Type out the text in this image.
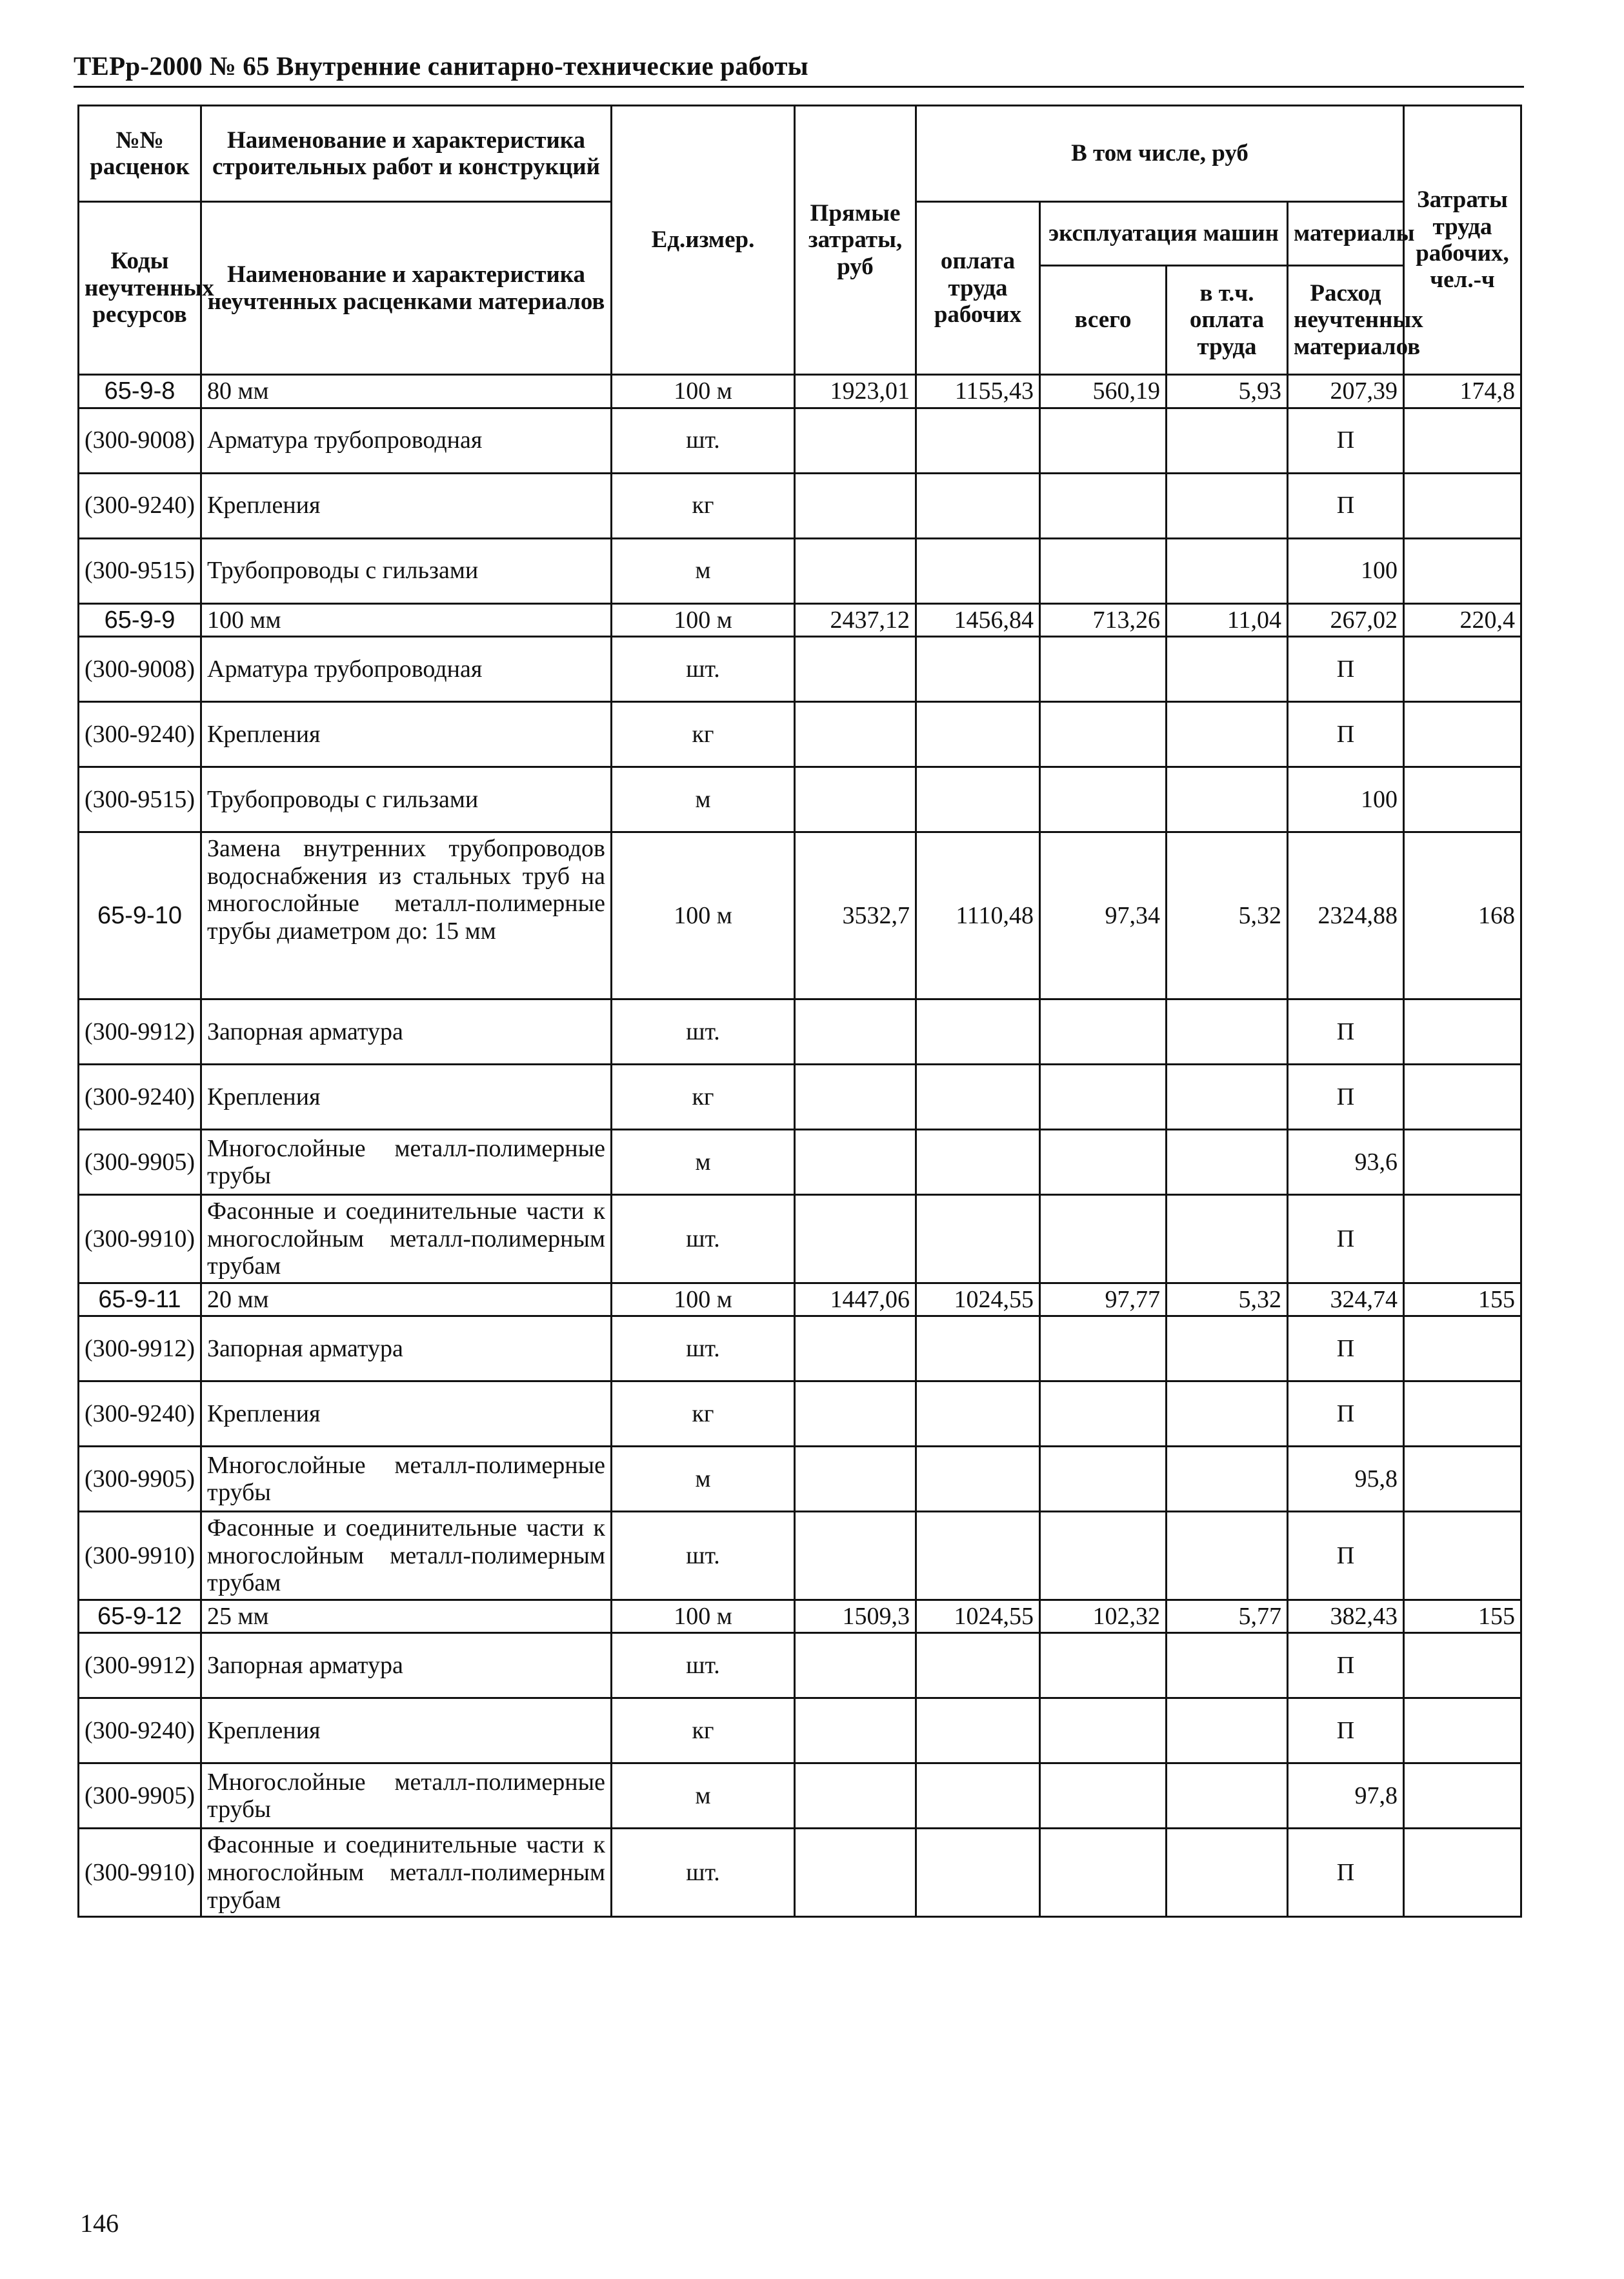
ТЕРр-2000 № 65 Внутренние санитарно-технические работы
№№ расценок	Наименование и характеристика строительных работ и конструкций	Ед.измер.	Прямые затраты, руб	В том числе, руб				Затраты труда рабочих, чел.-ч
Коды неучтенных ресурсов	Наименование и характеристика неучтенных расценками материалов							
				оплата труда рабочих	эксплуатация машин		материалы	
					всего	в т.ч. оплата труда	Расход неучтенных материалов	
65-9-8	80 мм	100 м	1923,01	1155,43	560,19	5,93	207,39	174,8
(300-9008)	Арматура трубопроводная	шт.					П	
(300-9240)	Крепления	кг					П	
(300-9515)	Трубопроводы с гильзами	м					100	
65-9-9	100 мм	100 м	2437,12	1456,84	713,26	11,04	267,02	220,4
(300-9008)	Арматура трубопроводная	шт.					П	
(300-9240)	Крепления	кг					П	
(300-9515)	Трубопроводы с гильзами	м					100	
65-9-10	Замена внутренних трубопроводов водоснабжения из стальных труб на многослойные металл-полимерные трубы диаметром до: 15 мм	100 м	3532,7	1110,48	97,34	5,32	2324,88	168
(300-9912)	Запорная арматура	шт.					П	
(300-9240)	Крепления	кг					П	
(300-9905)	Многослойные металл-полимерные трубы	м					93,6	
(300-9910)	Фасонные и соединительные части к многослойным металл-полимерным трубам	шт.					П	
65-9-11	20 мм	100 м	1447,06	1024,55	97,77	5,32	324,74	155
(300-9912)	Запорная арматура	шт.					П	
(300-9240)	Крепления	кг					П	
(300-9905)	Многослойные металл-полимерные трубы	м					95,8	
(300-9910)	Фасонные и соединительные части к многослойным металл-полимерным трубам	шт.					П	
65-9-12	25 мм	100 м	1509,3	1024,55	102,32	5,77	382,43	155
(300-9912)	Запорная арматура	шт.					П	
(300-9240)	Крепления	кг					П	
(300-9905)	Многослойные металл-полимерные трубы	м					97,8	
(300-9910)	Фасонные и соединительные части к многослойным металл-полимерным трубам	шт.					П	
146
